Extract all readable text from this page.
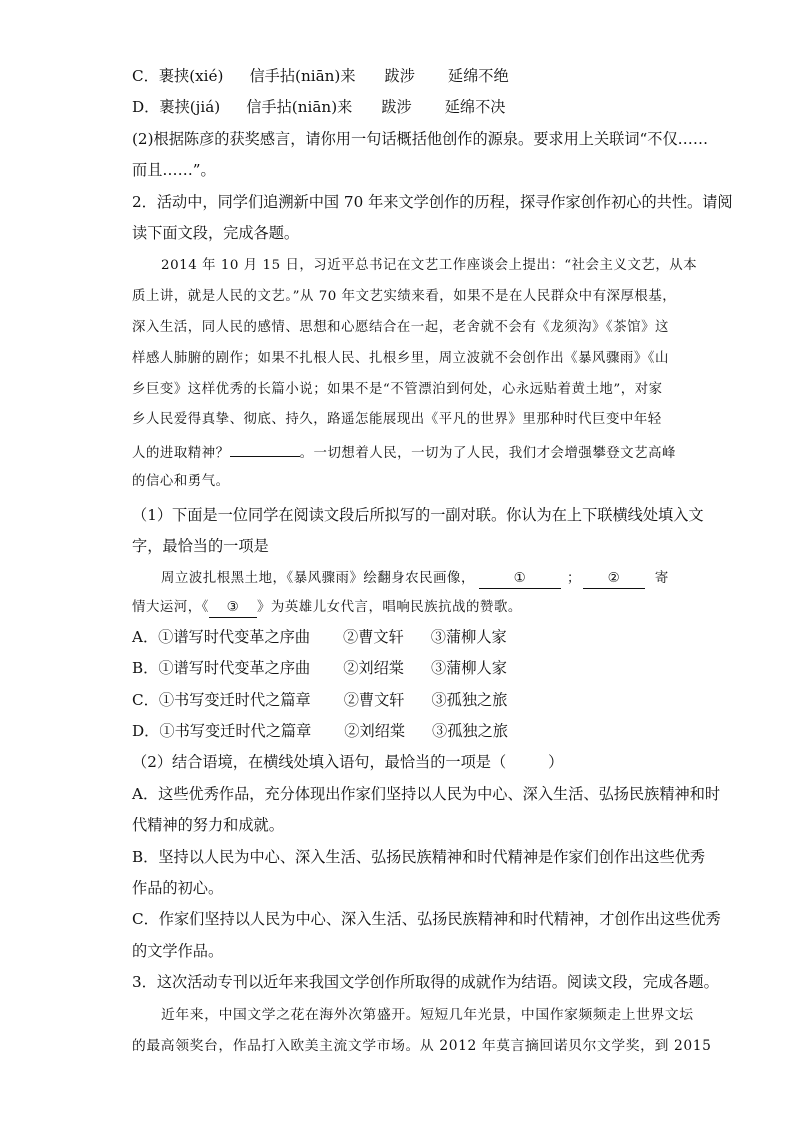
C．裹挟(xié) 信手拈(niān)来 跋涉 延绵不绝
D．裹挟(jiá) 信手拈(niān)来 跋涉 延绵不决
(2)根据陈彦的获奖感言，请你用一句话概括他创作的源泉。要求用上关联词“不仅……
而且……”。
2．活动中，同学们追溯新中国 70 年来文学创作的历程，探寻作家创作初心的共性。请阅
读下面文段，完成各题。
2014 年 10 月 15 日，习近平总书记在文艺工作座谈会上提出：“社会主义文艺，从本
质上讲，就是人民的文艺。”从 70 年文艺实绩来看，如果不是在人民群众中有深厚根基，
深入生活，同人民的感情、思想和心愿结合在一起，老舍就不会有《龙须沟》《茶馆》这
样感人肺腑的剧作；如果不扎根人民、扎根乡里，周立波就不会创作出《暴风骤雨》《山
乡巨变》这样优秀的长篇小说；如果不是“不管漂泊到何处，心永远贴着黄土地”，对家
乡人民爱得真挚、彻底、持久，路遥怎能展现出《平凡的世界》里那种时代巨变中年轻
人的进取精神？	。一切想着人民，一切为了人民，我们才会增强攀登文艺高峰
的信心和勇气。
（1）下面是一位同学在阅读文段后所拟写的一副对联。你认为在上下联横线处填入文
字，最恰当的一项是
周立波扎根黑土地，《暴风骤雨》绘翻身农民画像，	①	； ②	寄
情大运河，《 ③ 》为英雄儿女代言，唱响民族抗战的赞歌。
A．①谱写时代变革之序曲 ②曹文轩 ③蒲柳人家
B．①谱写时代变革之序曲 ②刘绍棠 ③蒲柳人家
C．①书写变迁时代之篇章 ②曹文轩 ③孤独之旅
D．①书写变迁时代之篇章 ②刘绍棠 ③孤独之旅
（2）结合语境，在横线处填入语句，最恰当的一项是（	）
A．这些优秀作品，充分体现出作家们坚持以人民为中心、深入生活、弘扬民族精神和时
代精神的努力和成就。
B．坚持以人民为中心、深入生活、弘扬民族精神和时代精神是作家们创作出这些优秀
作品的初心。
C．作家们坚持以人民为中心、深入生活、弘扬民族精神和时代精神，才创作出这些优秀
的文学作品。
3．这次活动专刊以近年来我国文学创作所取得的成就作为结语。阅读文段，完成各题。
近年来，中国文学之花在海外次第盛开。短短几年光景，中国作家频频走上世界文坛
的最高领奖台，作品打入欧美主流文学市场。从 2012 年莫言摘回诺贝尔文学奖，到 2015
